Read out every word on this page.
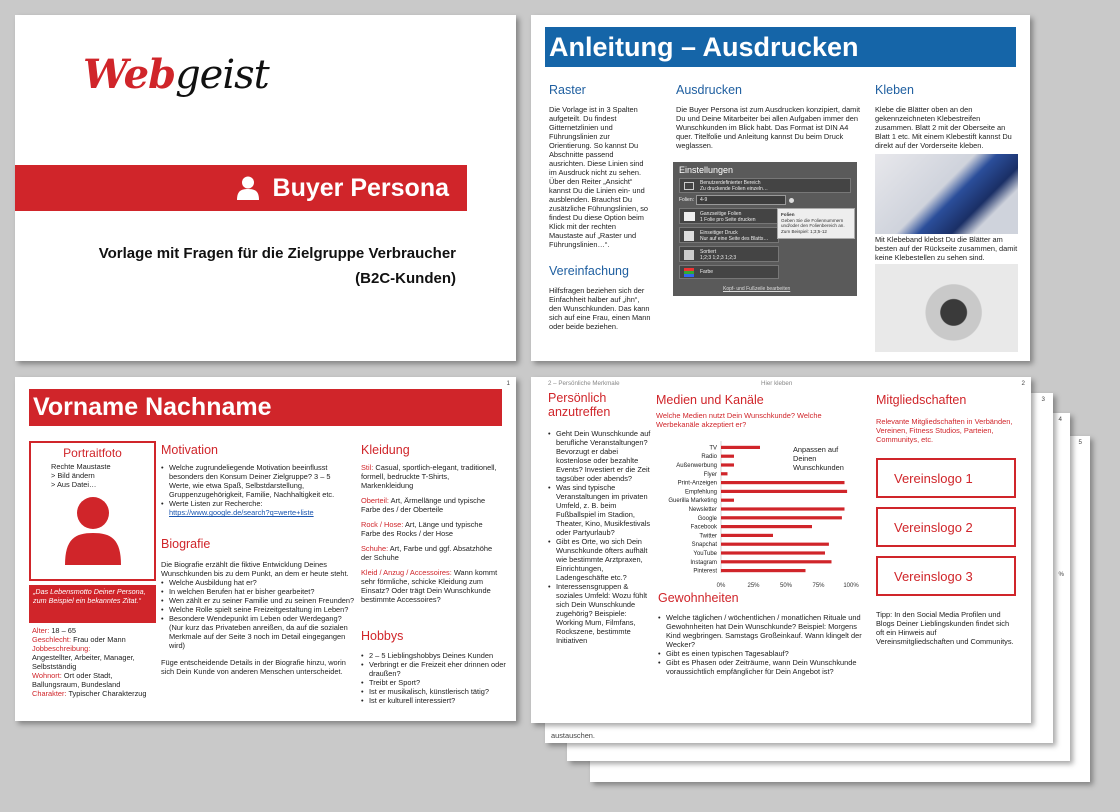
5
4
%
3
austauschen.
Webgeist
Buyer Persona
Vorlage mit Fragen für die Zielgruppe Verbraucher
(B2C-Kunden)
Anleitung – Ausdrucken
Raster
Die Vorlage ist in 3 Spalten aufgeteilt. Du findest Gitternetzlinien und Führungslinien zur Orientierung. So kannst Du Abschnitte passend ausrichten. Diese Linien sind im Ausdruck nicht zu sehen. Über den Reiter „Ansicht“ kannst Du die Linien ein- und ausblenden. Brauchst Du zusätzliche Führungslinien, so findest Du diese Option beim Klick mit der rechten Maustaste auf „Raster und Führungslinien…“.
Vereinfachung
Hilfsfragen beziehen sich der Einfachheit halber auf „ihn“, den Wunschkunden. Das kann sich auf eine Frau, einen Mann oder beide beziehen.
Ausdrucken
Die Buyer Persona ist zum Ausdrucken konzipiert, damit Du und Deine Mitarbeiter bei allen Aufgaben immer den Wunschkunden im Blick habt. Das Format ist DIN A4 quer. Titelfolie und Anleitung kannst Du beim Druck weglassen.
Einstellungen
Benutzerdefinierter Bereich
Zu druckende Folien einzeln…
Folien:	4-9
Ganzseitige Folien
1 Folie pro Seite drucken
Einseitiger Druck
Nur auf eine Seite des Blatts…
Sortiert
1;2;3 1;2;3 1;2;3
Farbe
Kopf- und Fußzeile bearbeiten
Folien
Geben Sie die Foliennummern und/oder den Folienbereich an. Zum Beispiel: 1;3;5-12
Kleben
Klebe die Blätter oben an den gekennzeichneten Klebestreifen zusammen. Blatt 2 mit der Oberseite an Blatt 1 etc. Mit einem Klebestift kannst Du direkt auf der Vorderseite kleben.
Mit Klebeband klebst Du die Blätter am besten auf der Rückseite zusammen, damit keine Klebestellen zu sehen sind.
1
Vorname Nachname
Portraitfoto
Rechte Maustaste
> Bild ändern
> Aus Datei…
„Das Lebensmotto Deiner Persona, zum Beispiel ein bekanntes Zitat.“
Alter: 18 – 65
Geschlecht: Frau oder Mann
Jobbeschreibung:
Angestellter, Arbeiter, Manager, Selbstständig
Wohnort: Ort oder Stadt, Ballungsraum, Bundesland
Charakter: Typischer Charakterzug
Motivation
• Welche zugrundeliegende Motivation beeinflusst besonders den Konsum Deiner Zielgruppe? 3 – 5 Werte, wie etwa Spaß, Selbstdarstellung, Gruppenzugehörigkeit, Familie, Nachhaltigkeit etc.
• Werte Listen zur Recherche:
https://www.google.de/search?q=werte+liste
Biografie
Die Biografie erzählt die fiktive Entwicklung Deines Wunschkunden bis zu dem Punkt, an dem er heute steht.
• Welche Ausbildung hat er?
• In welchen Berufen hat er bisher gearbeitet?
• Wen zählt er zu seiner Familie und zu seinen Freunden?
• Welche Rolle spielt seine Freizeitgestaltung im Leben?
• Besondere Wendepunkt im Leben oder Werdegang? (Nur kurz das Privateben anreißen, da auf die sozialen Merkmale auf der Seite 3 noch im Detail eingegangen wird)
Füge entscheidende Details in der Biografie hinzu, worin sich Dein Kunde von anderen Menschen unterscheidet.
Kleidung
Stil: Casual, sportlich-elegant, traditionell, formell, bedruckte T-Shirts, Markenkleidung
Oberteil: Art, Ärmellänge und typische Farbe des / der Oberteile
Rock / Hose: Art, Länge und typische Farbe des Rocks / der Hose
Schuhe: Art, Farbe und ggf. Absatzhöhe der Schuhe
Kleid / Anzug / Accessoires: Wann kommt sehr förmliche, schicke Kleidung zum Einsatz? Oder trägt Dein Wunschkunde bestimmte Accessoires?
Hobbys
• 2 – 5 Lieblingshobbys Deines Kunden
• Verbringt er die Freizeit eher drinnen oder draußen?
• Treibt er Sport?
• Ist er musikalisch, künstlerisch tätig?
• Ist er kulturell interessiert?
2 – Persönliche Merkmale	Hier kleben	2
Persönlich anzutreffen
• Geht Dein Wunschkunde auf berufliche Veranstaltungen? Bevorzugt er dabei kostenlose oder bezahlte Events? Investiert er die Zeit tagsüber oder abends?
• Was sind typische Veranstaltungen im privaten Umfeld, z. B. beim Fußballspiel im Stadion, Theater, Kino, Musikfestivals oder Partyurlaub?
• Gibt es Orte, wo sich Dein Wunschkunde öfters aufhält wie bestimmte Arztpraxen, Einrichtungen, Ladengeschäfte etc.?
• Interessensgruppen & soziales Umfeld: Wozu fühlt sich Dein Wunschkunde zugehörig? Beispiele: Working Mum, Filmfans, Rockszene, bestimmte Initiativen
Medien und Kanäle
Welche Medien nutzt Dein Wunschkunde? Welche Werbekanäle akzeptiert er?
TV
Radio
Außenwerbung
Flyer
Print-Anzeigen
Empfehlung
Guerilla Marketing
Newsletter
Google
Facebook
Twitter
Snapchat
YouTube
Instagram
Pinterest
0%	25%	50%	75%	100%
Anpassen auf Deinen Wunschkunden
Gewohnheiten
• Welche täglichen / wöchentlichen / monatlichen Rituale und Gewohnheiten hat Dein Wunschkunde? Beispiel: Morgens Kind wegbringen. Samstags Großeinkauf. Wann klingelt der Wecker?
• Gibt es einen typischen Tagesablauf?
• Gibt es Phasen oder Zeiträume, wann Dein Wunschkunde voraussichtlich empfänglicher für Dein Angebot ist?
Mitgliedschaften
Relevante Mitgliedschaften in Verbänden, Vereinen, Fitness Studios, Parteien, Communitys, etc.
Vereinslogo 1
Vereinslogo 2
Vereinslogo 3
Tipp: In den Social Media Profilen und Blogs Deiner Lieblingskunden findet sich oft ein Hinweis auf Vereinsmitgliedschaften und Communitys.
